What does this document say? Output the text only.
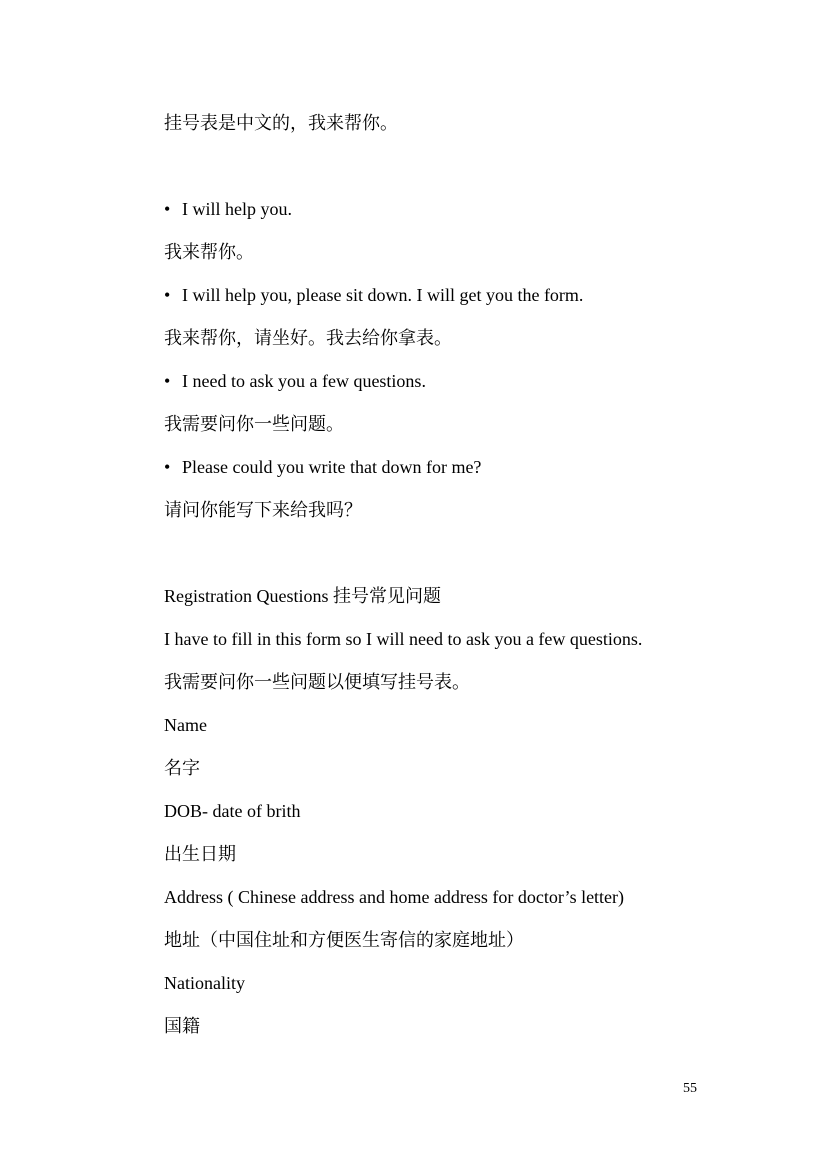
挂号表是中文的，我来帮你。
• I will help you.
我来帮你。
• I will help you, please sit down. I will get you the form.
我来帮你，请坐好。我去给你拿表。
• I need to ask you a few questions.
我需要问你一些问题。
• Please could you write that down for me?
请问你能写下来给我吗？
Registration Questions 挂号常见问题
I have to fill in this form so I will need to ask you a few questions.
我需要问你一些问题以便填写挂号表。
Name
名字
DOB- date of brith
出生日期
Address ( Chinese address and home address for doctor’s letter)
地址（中国住址和方便医生寄信的家庭地址）
Nationality
国籍
55
